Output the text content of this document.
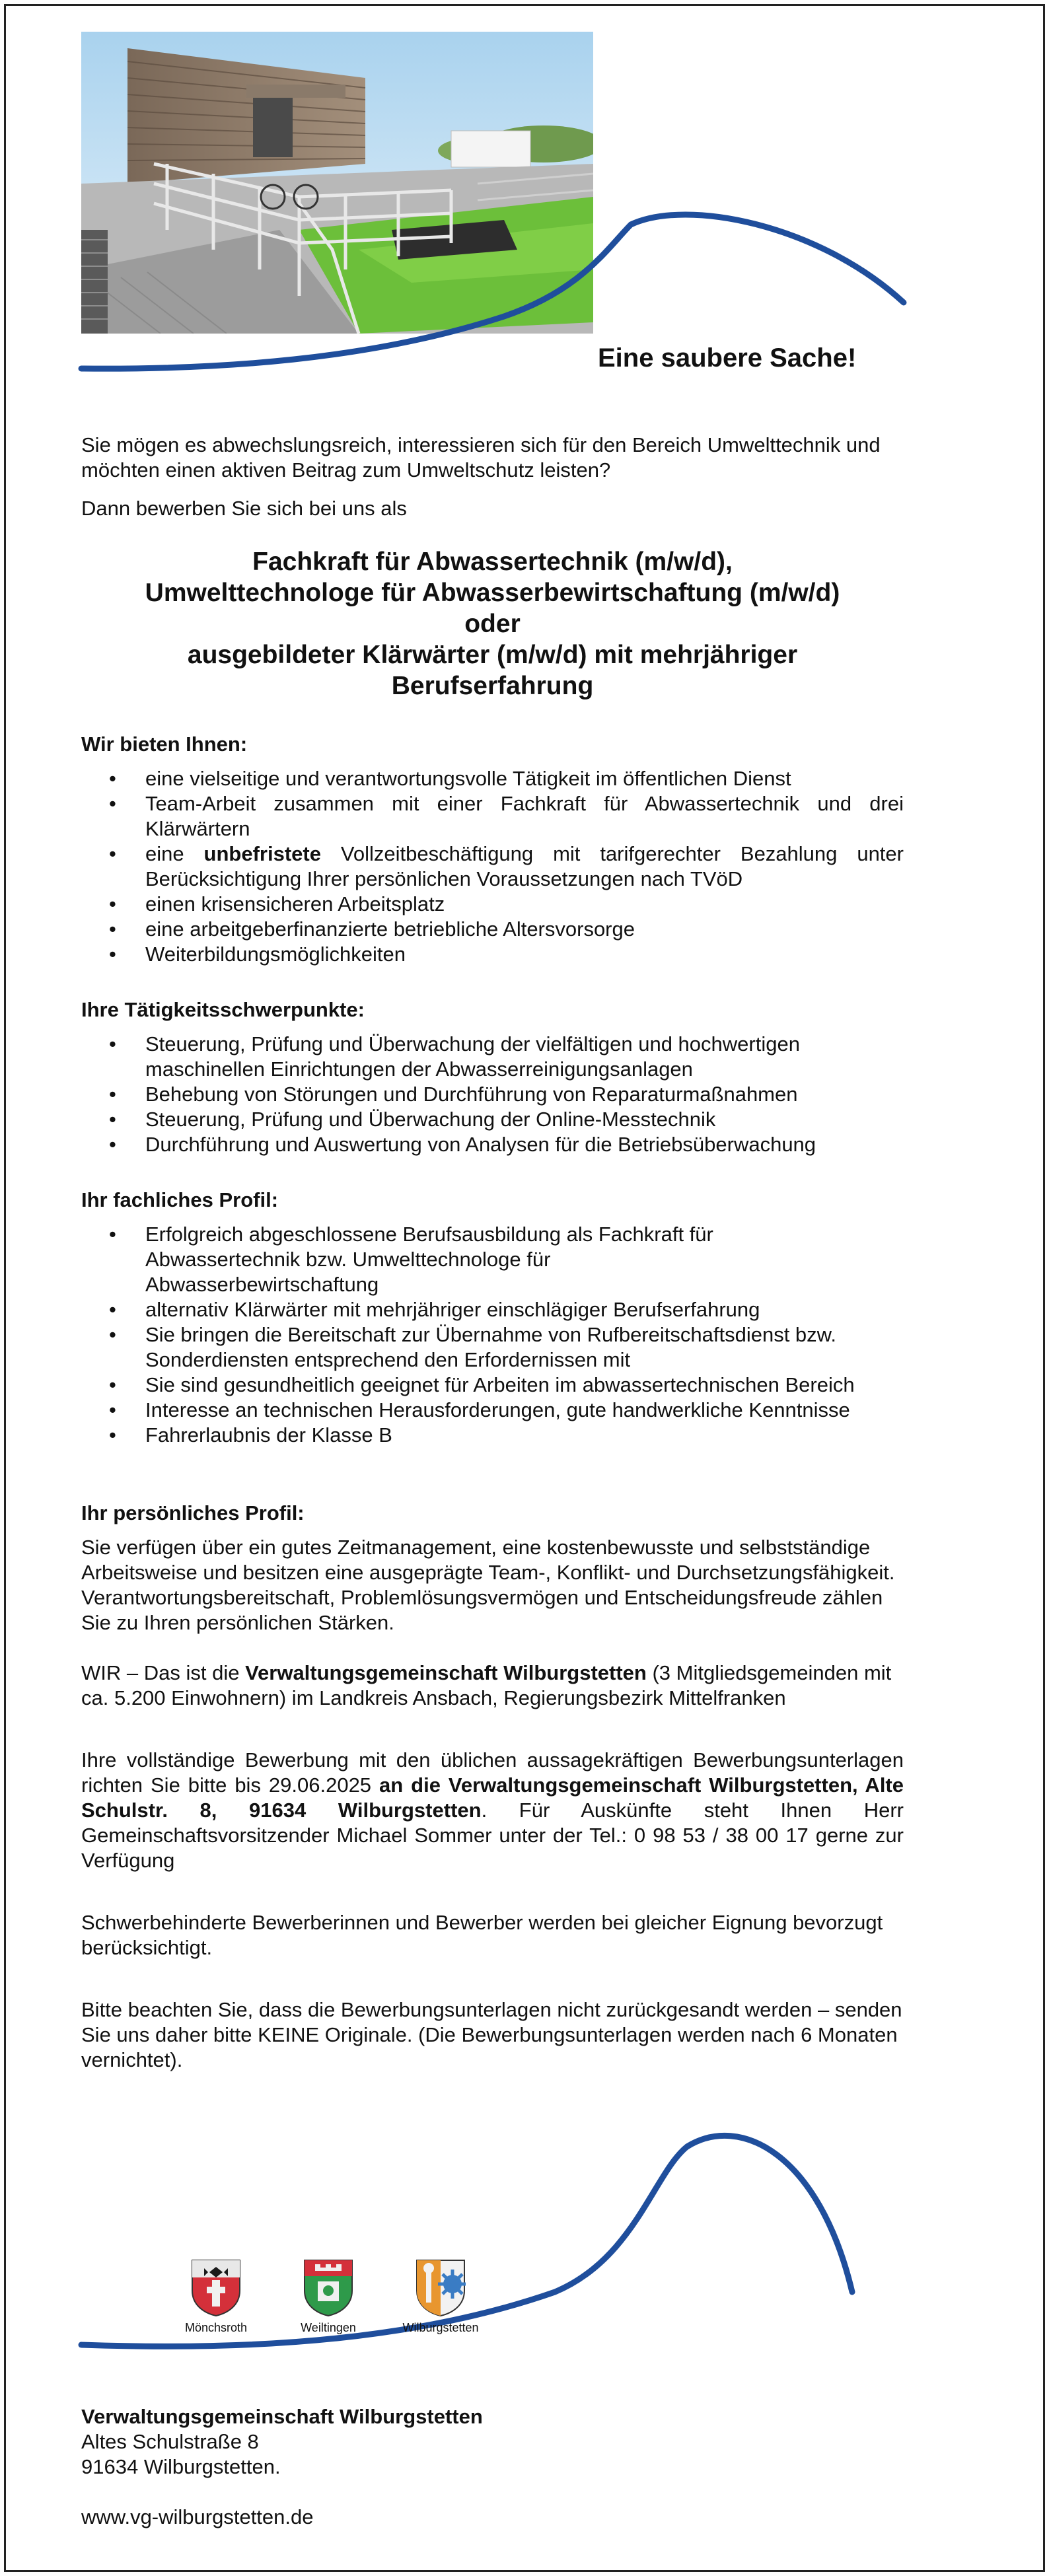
Eine saubere Sache!

Sie mögen es abwechslungsreich, interessieren sich für den Bereich Umwelttechnik und möchten einen aktiven Beitrag zum Umweltschutz leisten?

Dann bewerben Sie sich bei uns als

Fachkraft für Abwassertechnik (m/w/d),
Umwelttechnologe für Abwasserbewirtschaftung (m/w/d)
oder
ausgebildeter Klärwärter (m/w/d) mit mehrjähriger
Berufserfahrung
Wir bieten Ihnen:
• eine vielseitige und verantwortungsvolle Tätigkeit im öffentlichen Dienst
• Team-Arbeit zusammen mit einer Fachkraft für Abwassertechnik und drei Klärwärtern
• eine unbefristete Vollzeitbeschäftigung mit tarifgerechter Bezahlung unter Berücksichtigung Ihrer persönlichen Voraussetzungen nach TVöD
• einen krisensicheren Arbeitsplatz
• eine arbeitgeberfinanzierte betriebliche Altersvorsorge
• Weiterbildungsmöglichkeiten
Ihre Tätigkeitsschwerpunkte:
• Steuerung, Prüfung und Überwachung der vielfältigen und hochwertigen maschinellen Einrichtungen der Abwasserreinigungsanlagen
• Behebung von Störungen und Durchführung von Reparaturmaßnahmen
• Steuerung, Prüfung und Überwachung der Online-Messtechnik
• Durchführung und Auswertung von Analysen für die Betriebsüberwachung
Ihr fachliches Profil:
• Erfolgreich abgeschlossene Berufsausbildung als Fachkraft für Abwassertechnik bzw. Umwelttechnologe für Abwasserbewirtschaftung
• alternativ Klärwärter mit mehrjähriger einschlägiger Berufserfahrung
• Sie bringen die Bereitschaft zur Übernahme von Rufbereitschaftsdienst bzw. Sonderdiensten entsprechend den Erfordernissen mit
• Sie sind gesundheitlich geeignet für Arbeiten im abwassertechnischen Bereich
• Interesse an technischen Herausforderungen, gute handwerkliche Kenntnisse
• Fahrerlaubnis der Klasse B
Ihr persönliches Profil:

Sie verfügen über ein gutes Zeitmanagement, eine kostenbewusste und selbstständige Arbeitsweise und besitzen eine ausgeprägte Team-, Konflikt- und Durchsetzungsfähigkeit. Verantwortungsbereitschaft, Problemlösungsvermögen und Entscheidungsfreude zählen Sie zu Ihren persönlichen Stärken.

WIR – Das ist die Verwaltungsgemeinschaft Wilburgstetten (3 Mitgliedsgemeinden mit ca. 5.200 Einwohnern) im Landkreis Ansbach, Regierungsbezirk Mittelfranken

Ihre vollständige Bewerbung mit den üblichen aussagekräftigen Bewerbungsunterlagen richten Sie bitte bis 29.06.2025 an die Verwaltungsgemeinschaft Wilburgstetten, Alte Schulstr. 8, 91634 Wilburgstetten. Für Auskünfte steht Ihnen Herr Gemeinschaftsvorsitzender Michael Sommer unter der Tel.: 0 98 53 / 38 00 17 gerne zur Verfügung

Schwerbehinderte Bewerberinnen und Bewerber werden bei gleicher Eignung bevorzugt berücksichtigt.

Bitte beachten Sie, dass die Bewerbungsunterlagen nicht zurückgesandt werden – senden Sie uns daher bitte KEINE Originale. (Die Bewerbungsunterlagen werden nach 6 Monaten vernichtet).

Mönchsroth	Weiltingen	Wilburgstetten
Verwaltungsgemeinschaft Wilburgstetten
Altes Schulstraße 8
91634 Wilburgstetten.
www.vg-wilburgstetten.de
